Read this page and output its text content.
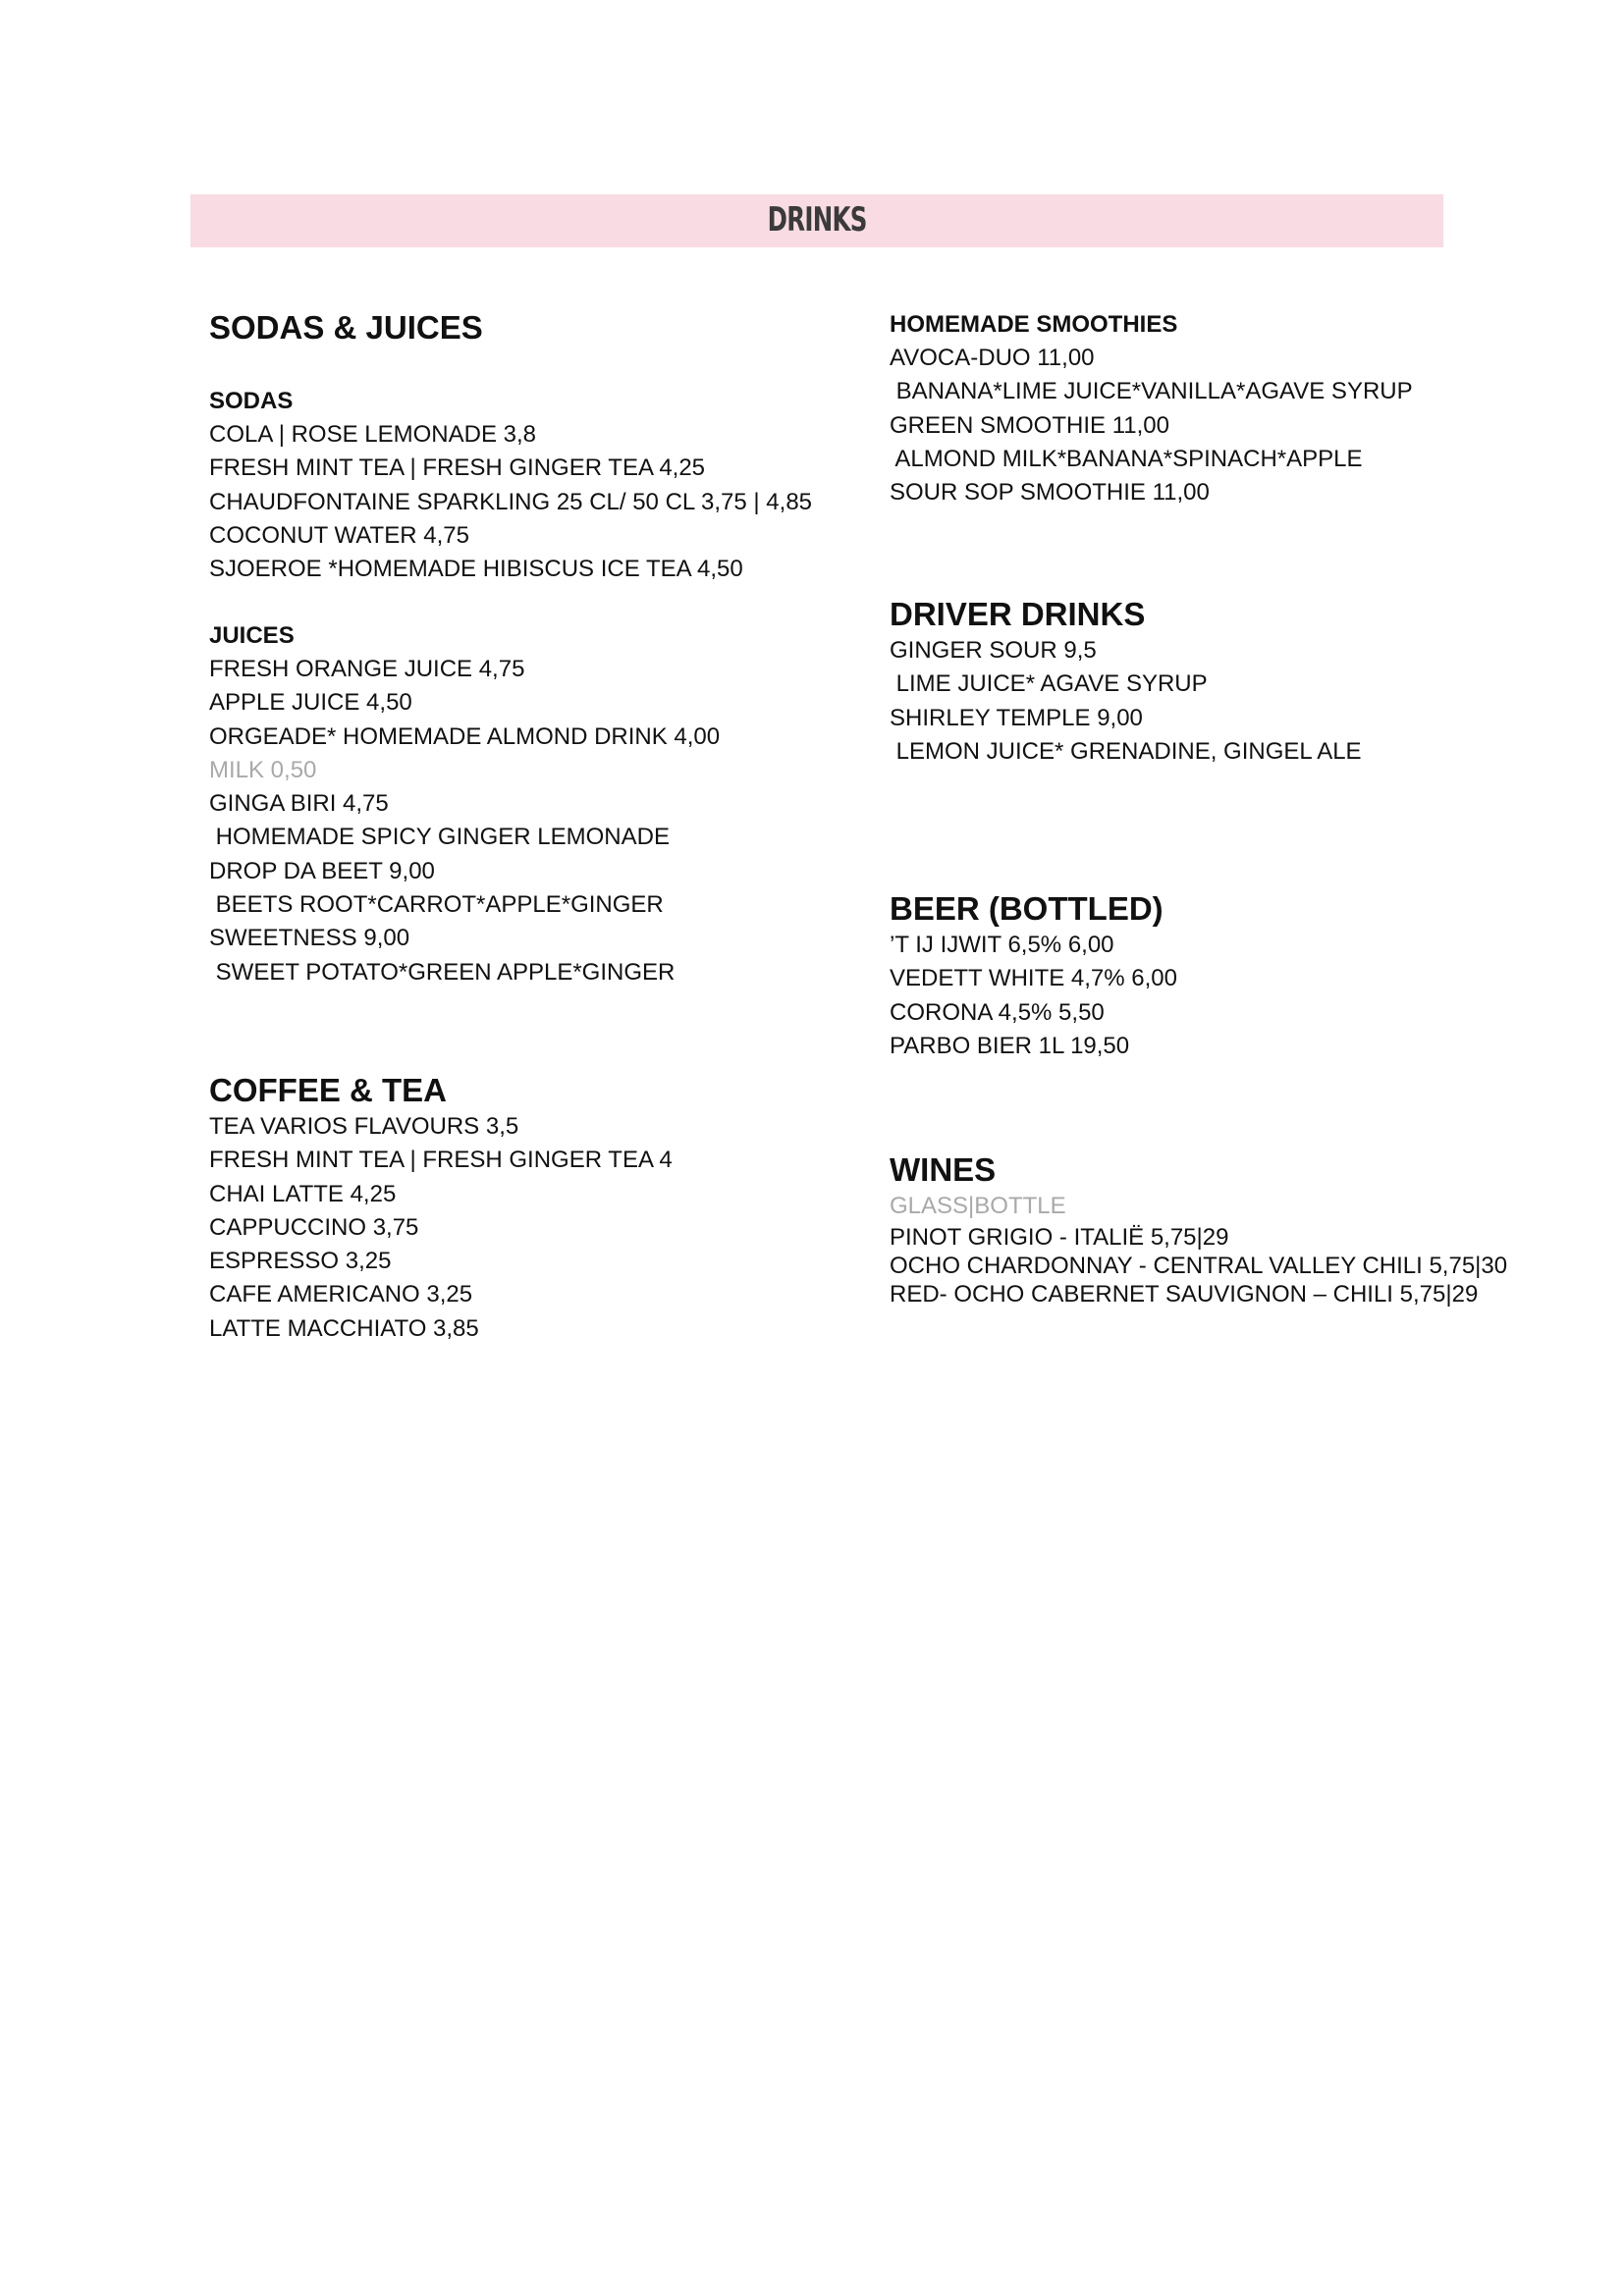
DRINKS
SODAS & JUICES
SODAS
COLA | ROSE LEMONADE 3,8
FRESH MINT TEA | FRESH GINGER TEA 4,25
CHAUDFONTAINE SPARKLING 25 CL/ 50 CL 3,75 | 4,85
COCONUT WATER 4,75
SJOEROE *HOMEMADE HIBISCUS ICE TEA 4,50
JUICES
FRESH ORANGE JUICE 4,75
APPLE JUICE 4,50
ORGEADE* HOMEMADE ALMOND DRINK 4,00
MILK 0,50
GINGA BIRI 4,75
HOMEMADE SPICY GINGER LEMONADE
DROP DA BEET 9,00
BEETS ROOT*CARROT*APPLE*GINGER
SWEETNESS 9,00
SWEET POTATO*GREEN APPLE*GINGER
COFFEE & TEA
TEA VARIOS FLAVOURS 3,5
FRESH MINT TEA | FRESH GINGER TEA 4
CHAI LATTE 4,25
CAPPUCCINO 3,75
ESPRESSO 3,25
CAFE AMERICANO 3,25
LATTE MACCHIATO 3,85
HOMEMADE SMOOTHIES
AVOCA-DUO 11,00
BANANA*LIME JUICE*VANILLA*AGAVE SYRUP
GREEN SMOOTHIE 11,00
ALMOND MILK*BANANA*SPINACH*APPLE
SOUR SOP SMOOTHIE 11,00
DRIVER DRINKS
GINGER SOUR 9,5
LIME JUICE* AGAVE SYRUP
SHIRLEY TEMPLE 9,00
LEMON JUICE* GRENADINE, GINGEL ALE
BEER (BOTTLED)
’T IJ IJWIT 6,5% 6,00
VEDETT WHITE 4,7% 6,00
CORONA 4,5% 5,50
PARBO BIER 1L 19,50
WINES
GLASS|BOTTLE
PINOT GRIGIO - ITALIË 5,75|29
OCHO CHARDONNAY - CENTRAL VALLEY CHILI 5,75|30
RED- OCHO CABERNET SAUVIGNON – CHILI 5,75|29
